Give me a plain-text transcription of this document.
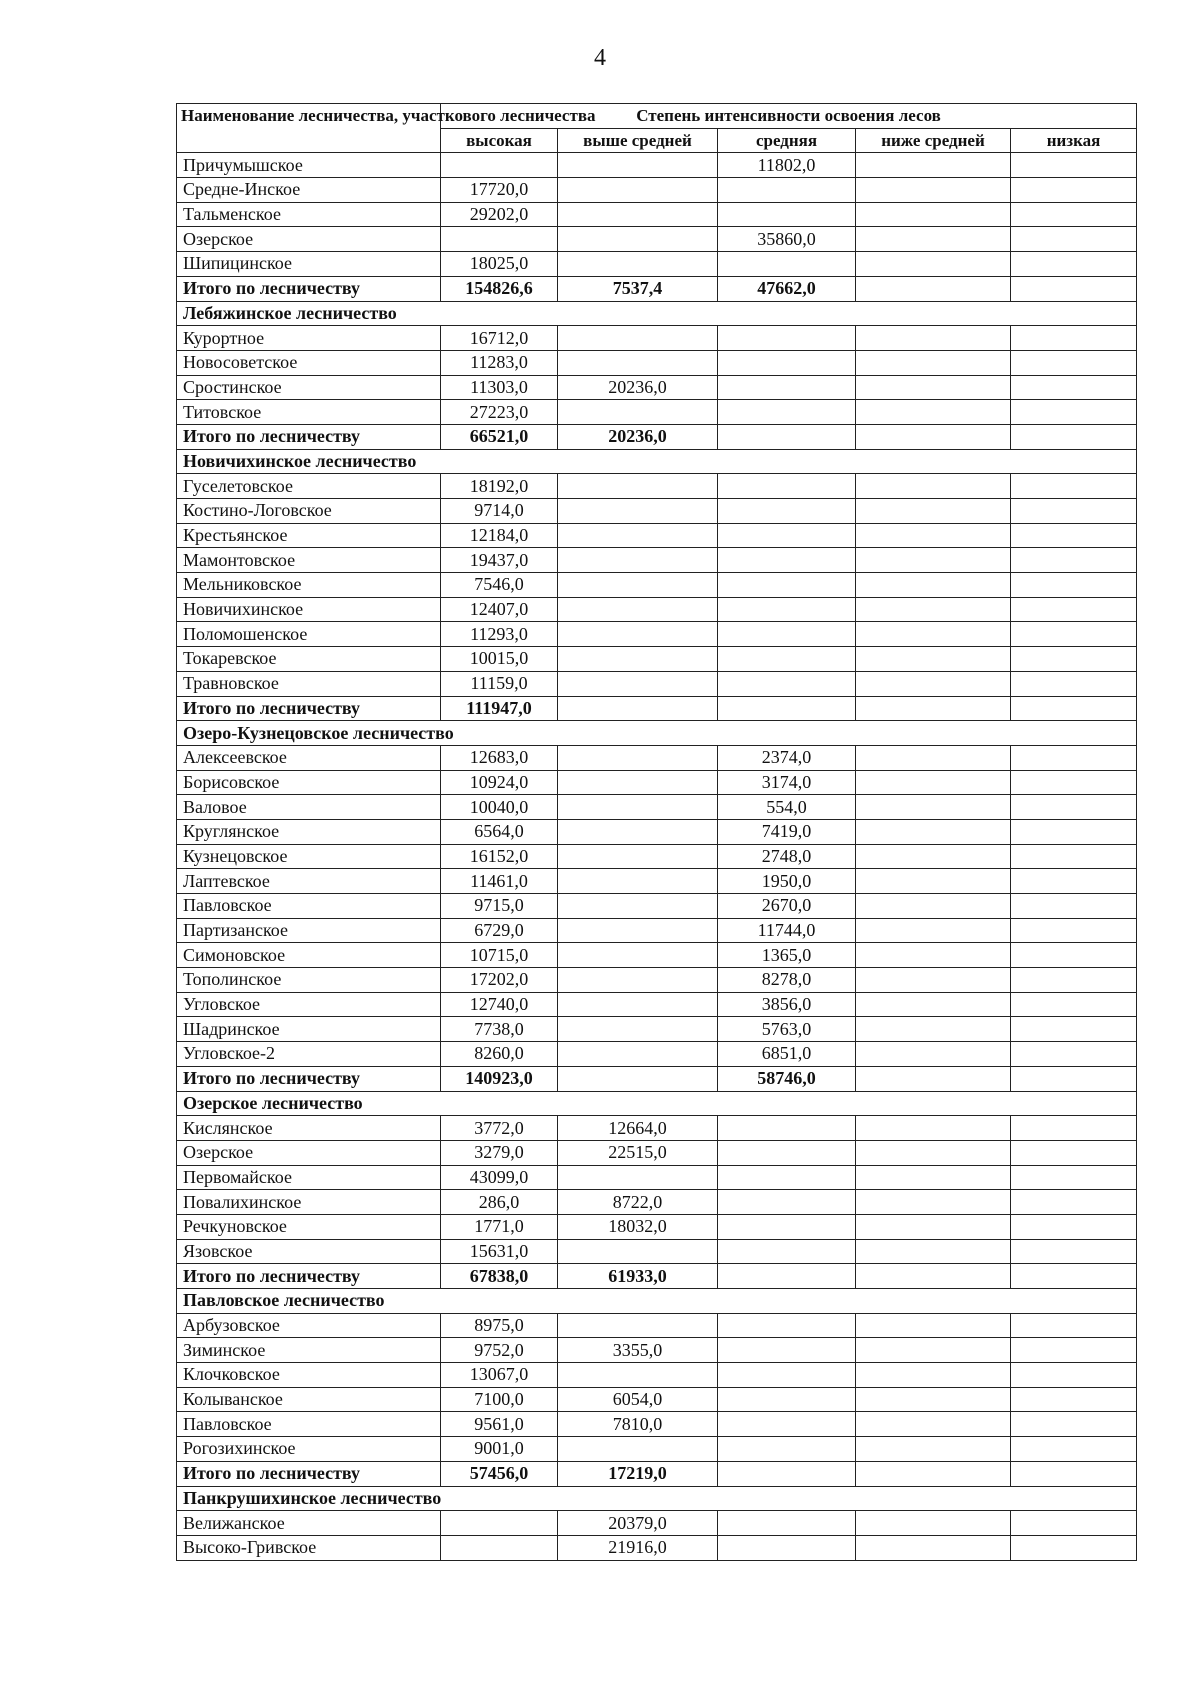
4
Наименование лесничества, участкового лесничества	Степень интенсивности освоения лесов				
	высокая	выше средней	средняя	ниже средней	низкая
Причумышское			11802,0		
Средне-Инское	17720,0				
Тальменское	29202,0				
Озерское			35860,0		
Шипицинское	18025,0				
Итого по лесничеству	154826,6	7537,4	47662,0		
Лебяжинское лесничество					
Курортное	16712,0				
Новосоветское	11283,0				
Сростинское	11303,0	20236,0			
Титовское	27223,0				
Итого по лесничеству	66521,0	20236,0			
Новичихинское лесничество					
Гуселетовское	18192,0				
Костино-Логовское	9714,0				
Крестьянское	12184,0				
Мамонтовское	19437,0				
Мельниковское	7546,0				
Новичихинское	12407,0				
Поломошенское	11293,0				
Токаревское	10015,0				
Травновское	11159,0				
Итого по лесничеству	111947,0				
Озеро-Кузнецовское лесничество					
Алексеевское	12683,0		2374,0		
Борисовское	10924,0		3174,0		
Валовое	10040,0		554,0		
Круглянское	6564,0		7419,0		
Кузнецовское	16152,0		2748,0		
Лаптевское	11461,0		1950,0		
Павловское	9715,0		2670,0		
Партизанское	6729,0		11744,0		
Симоновское	10715,0		1365,0		
Тополинское	17202,0		8278,0		
Угловское	12740,0		3856,0		
Шадринское	7738,0		5763,0		
Угловское-2	8260,0		6851,0		
Итого по лесничеству	140923,0		58746,0		
Озерское лесничество					
Кислянское	3772,0	12664,0			
Озерское	3279,0	22515,0			
Первомайское	43099,0				
Повалихинское	286,0	8722,0			
Речкуновское	1771,0	18032,0			
Язовское	15631,0				
Итого по лесничеству	67838,0	61933,0			
Павловское лесничество					
Арбузовское	8975,0				
Зиминское	9752,0	3355,0			
Клочковское	13067,0				
Колыванское	7100,0	6054,0			
Павловское	9561,0	7810,0			
Рогозихинское	9001,0				
Итого по лесничеству	57456,0	17219,0			
Панкрушихинское лесничество					
Велижанское		20379,0			
Высоко-Гривское		21916,0			
